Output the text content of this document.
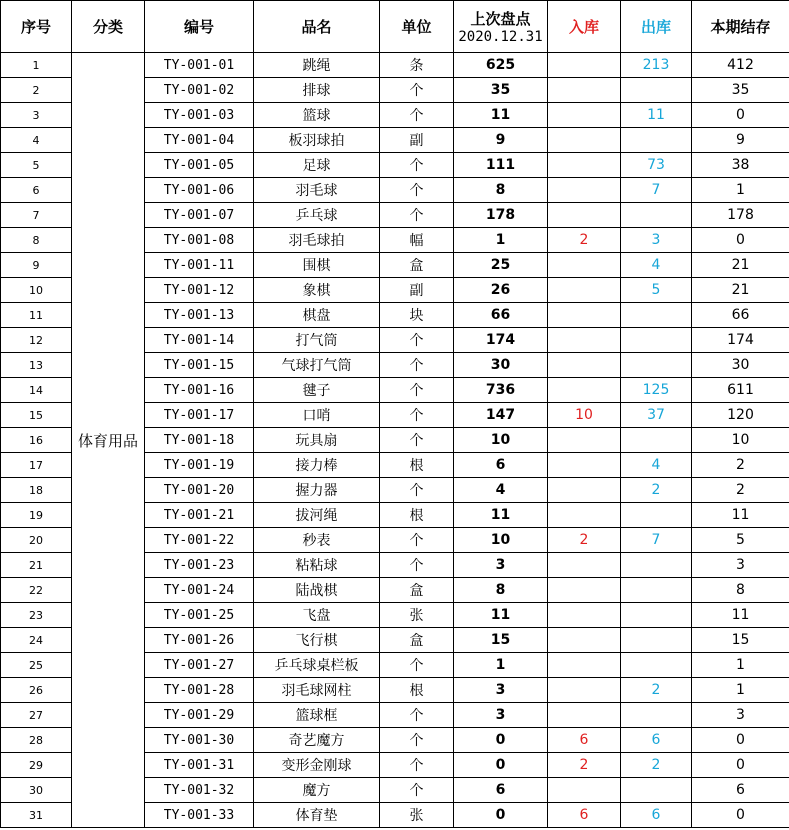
序号	分类	编号	品名	单位	上次盘点
2020.12.31	入库	出库	本期结存
1	体育用品	TY-001-01	跳绳	条	625		213	412
2		TY-001-02	排球	个	35			35
3		TY-001-03	篮球	个	11		11	0
4		TY-001-04	板羽球拍	副	9			9
5		TY-001-05	足球	个	111		73	38
6		TY-001-06	羽毛球	个	8		7	1
7		TY-001-07	乒乓球	个	178			178
8		TY-001-08	羽毛球拍	幅	1	2	3	0
9		TY-001-11	围棋	盒	25		4	21
10		TY-001-12	象棋	副	26		5	21
11		TY-001-13	棋盘	块	66			66
12		TY-001-14	打气筒	个	174			174
13		TY-001-15	气球打气筒	个	30			30
14		TY-001-16	毽子	个	736		125	611
15		TY-001-17	口哨	个	147	10	37	120
16		TY-001-18	玩具扇	个	10			10
17		TY-001-19	接力棒	根	6		4	2
18		TY-001-20	握力器	个	4		2	2
19		TY-001-21	拔河绳	根	11			11
20		TY-001-22	秒表	个	10	2	7	5
21		TY-001-23	粘粘球	个	3			3
22		TY-001-24	陆战棋	盒	8			8
23		TY-001-25	飞盘	张	11			11
24		TY-001-26	飞行棋	盒	15			15
25		TY-001-27	乒乓球桌栏板	个	1			1
26		TY-001-28	羽毛球网柱	根	3		2	1
27		TY-001-29	篮球框	个	3			3
28		TY-001-30	奇艺魔方	个	0	6	6	0
29		TY-001-31	变形金刚球	个	0	2	2	0
30		TY-001-32	魔方	个	6			6
31		TY-001-33	体育垫	张	0	6	6	0
